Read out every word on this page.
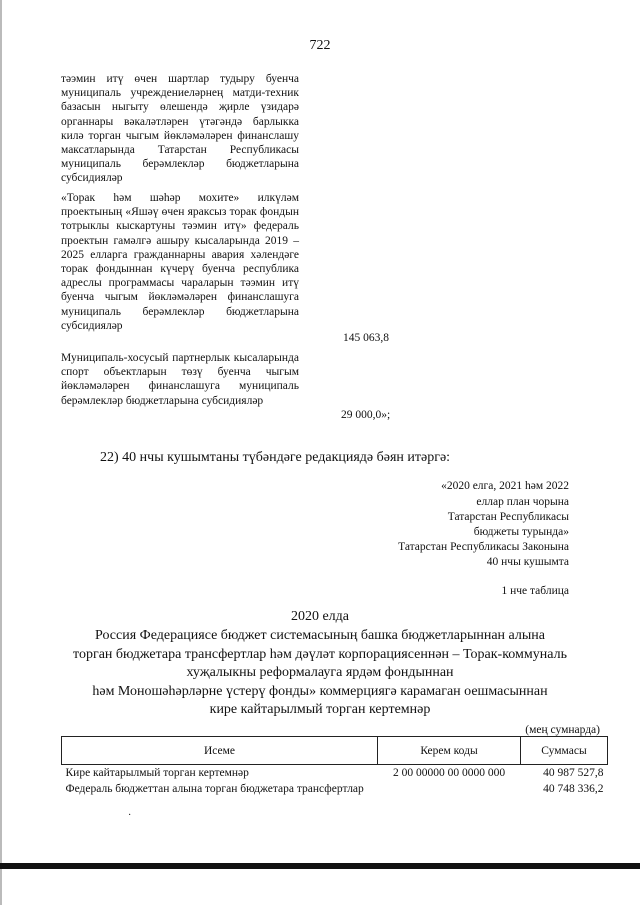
722
тәэмин итү өчен шартлар тудыру буенча муниципаль учреждениеләрнең матди-техник базасын ныгыту өлешендә җирле үзидарә органнары вәкаләтләрен үтәгәндә барлыкка килә торган чыгым йөкләмәләрен финанслашу максатларында Татарстан Республикасы муниципаль берәмлекләр бюджетларына субсидияләр
«Торак һәм шәһәр мохите» илкүләм проектының «Яшәү өчен яраксыз торак фондын тотрыклы кыскартуны тәэмин итү» федераль проектын гамәлгә ашыру кысаларында 2019 – 2025 елларга гражданнарны авария хәлендәге торак фондыннан күчерү буенча республика адреслы программасы чараларын тәэмин итү буенча чыгым йөкләмәләрен финанслашуга муниципаль берәмлекләр бюджетларына субсидияләр
145 063,8
Муниципаль-хосусый партнерлык кысаларында спорт объектларын төзү буенча чыгым йөкләмәләрен финанслашуга муниципаль берәмлекләр бюджетларына субсидияләр
29 000,0»;
22) 40 нчы кушымтаны түбәндәге редакциядә бәян итәргә:
«2020 елга, 2021 һәм 2022
еллар план чорына
Татарстан Республикасы
бюджеты турында»
Татарстан Республикасы Законына
40 нчы кушымта
1 нче таблица
2020 елда
Россия Федерациясе бюджет системасының башка бюджетларыннан алына
торган бюджетара трансфертлар һәм дәүләт корпорациясеннән – Торак-коммуналь
хуҗалыкны реформалауга ярдәм фондыннан
һәм Моношәһәрләрне үстерү фонды» коммерциягә карамаган оешмасыннан
кире кайтарылмый торган кертемнәр
(мең сумнарда)
Исеме	Керем коды	Суммасы
Кире кайтарылмый торган кертемнәр	2 00 00000 00 0000 000	40 987 527,8
Федераль бюджеттан алына торган бюджетара трансфертлар		40 748 336,2
·
